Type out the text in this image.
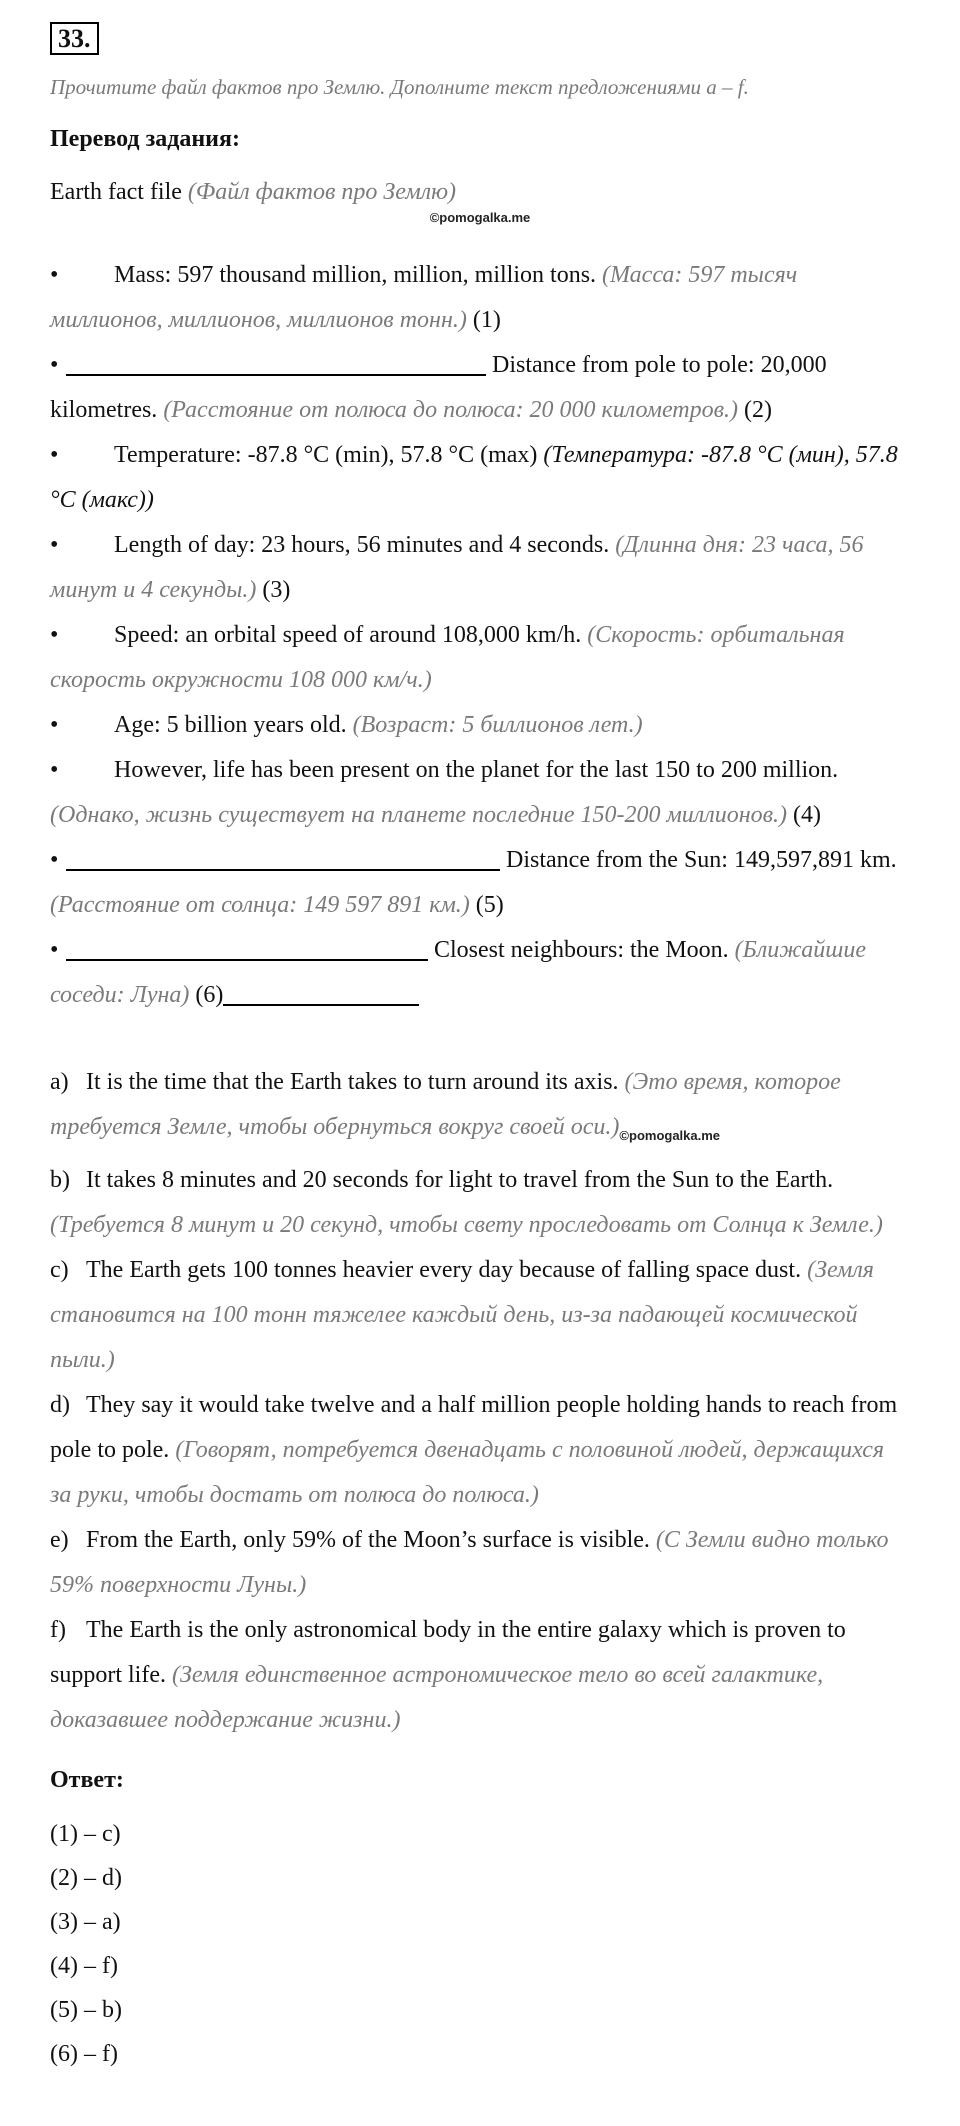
33.
Прочитите файл фактов про Землю. Дополните текст предложениями a – f.
Перевод задания:
Earth fact file (Файл фактов про Землю)
©pomogalka.me
• Mass: 597 thousand million, million, million tons. (Масса: 597 тысяч миллионов, миллионов, миллионов тонн.) (1)
•	Distance from pole to pole: 20,000 kilometres. (Расстояние от полюса до полюса: 20 000 километров.) (2)
• Temperature: -87.8 °C (min), 57.8 °C (max) (Температура: -87.8 °C (мин), 57.8 °C (макс))
• Length of day: 23 hours, 56 minutes and 4 seconds. (Длинна дня: 23 часа, 56 минут и 4 секунды.) (3)
• Speed: an orbital speed of around 108,000 km/h. (Скорость: орбитальная скорость окружности 108 000 км/ч.)
• Age: 5 billion years old. (Возраст: 5 биллионов лет.)
• However, life has been present on the planet for the last 150 to 200 million. (Однако, жизнь существует на планете последние 150-200 миллионов.) (4)
•	Distance from the Sun: 149,597,891 km. (Расстояние от солнца: 149 597 891 км.) (5)
•	Closest neighbours: the Moon. (Ближайшие соседи: Луна) (6)
a) It is the time that the Earth takes to turn around its axis. (Это время, которое требуется Земле, чтобы обернуться вокруг своей оси.)©pomogalka.me
b) It takes 8 minutes and 20 seconds for light to travel from the Sun to the Earth. (Требуется 8 минут и 20 секунд, чтобы свету проследовать от Солнца к Земле.)
c) The Earth gets 100 tonnes heavier every day because of falling space dust. (Земля становится на 100 тонн тяжелее каждый день, из-за падающей космической пыли.)
d) They say it would take twelve and a half million people holding hands to reach from pole to pole. (Говорят, потребуется двенадцать с половиной людей, держащихся за руки, чтобы достать от полюса до полюса.)
e) From the Earth, only 59% of the Moon’s surface is visible. (С Земли видно только 59% поверхности Луны.)
f) The Earth is the only astronomical body in the entire galaxy which is proven to support life. (Земля единственное астрономическое тело во всей галактике, доказавшее поддержание жизни.)
Ответ:
(1) – c)
(2) – d)
(3) – a)
(4) – f)
(5) – b)
(6) – f)
